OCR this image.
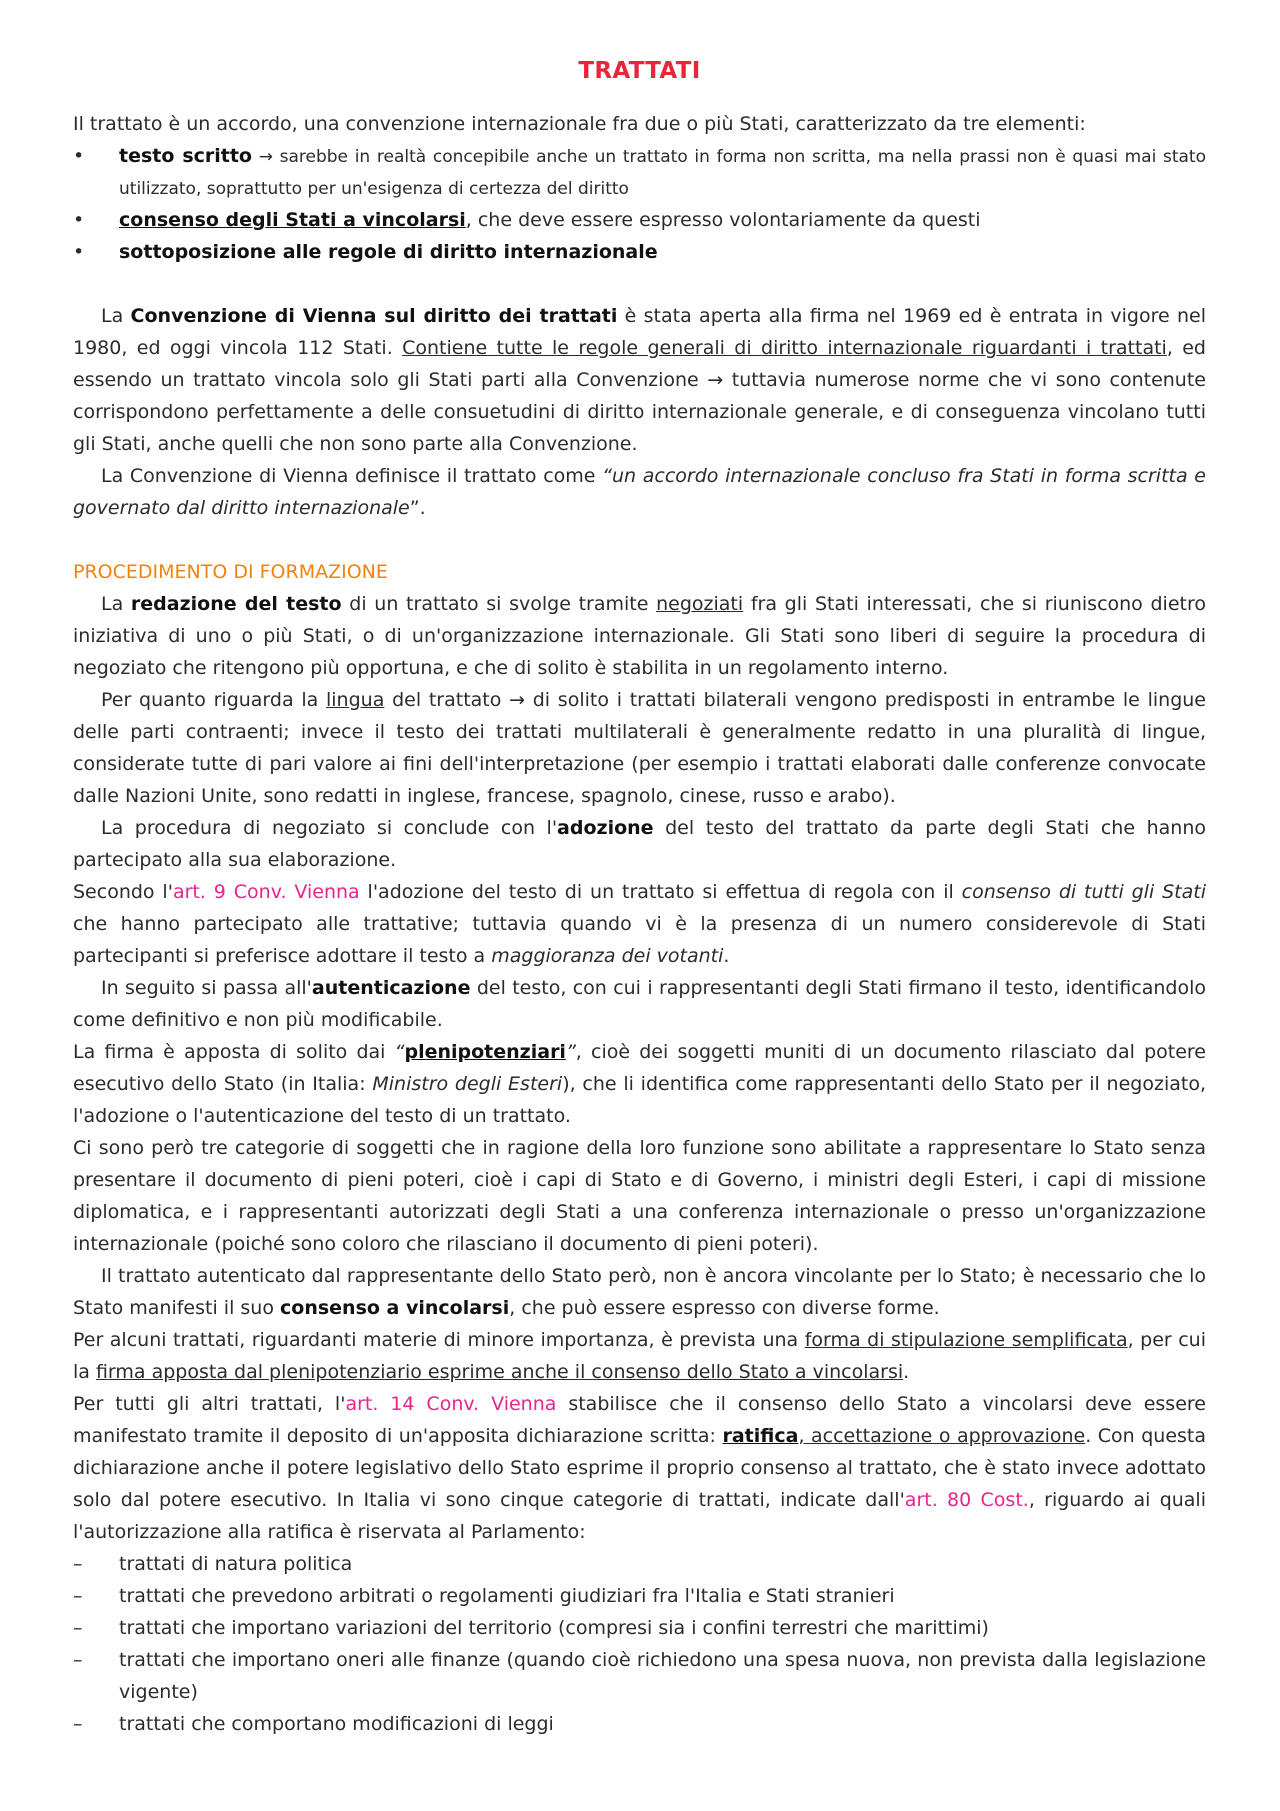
TRATTATI

Il trattato è un accordo, una convenzione internazionale fra due o più Stati, caratterizzato da tre elementi:

•	testo scritto → sarebbe in realtà concepibile anche un trattato in forma non scritta, ma nella prassi non è quasi mai stato utilizzato, soprattutto per un'esigenza di certezza del diritto
•	consenso degli Stati a vincolarsi, che deve essere espresso volontariamente da questi
•	sottoposizione alle regole di diritto internazionale

La Convenzione di Vienna sul diritto dei trattati è stata aperta alla firma nel 1969 ed è entrata in vigore nel 1980, ed oggi vincola 112 Stati. Contiene tutte le regole generali di diritto internazionale riguardanti i trattati, ed essendo un trattato vincola solo gli Stati parti alla Convenzione → tuttavia numerose norme che vi sono contenute corrispondono perfettamente a delle consuetudini di diritto internazionale generale, e di conseguenza vincolano tutti gli Stati, anche quelli che non sono parte alla Convenzione.

La Convenzione di Vienna definisce il trattato come “un accordo internazionale concluso fra Stati in forma scritta e governato dal diritto internazionale”.

PROCEDIMENTO DI FORMAZIONE

La redazione del testo di un trattato si svolge tramite negoziati fra gli Stati interessati, che si riuniscono dietro iniziativa di uno o più Stati, o di un'organizzazione internazionale. Gli Stati sono liberi di seguire la procedura di negoziato che ritengono più opportuna, e che di solito è stabilita in un regolamento interno.

Per quanto riguarda la lingua del trattato → di solito i trattati bilaterali vengono predisposti in entrambe le lingue delle parti contraenti; invece il testo dei trattati multilaterali è generalmente redatto in una pluralità di lingue, considerate tutte di pari valore ai fini dell'interpretazione (per esempio i trattati elaborati dalle conferenze convocate dalle Nazioni Unite, sono redatti in inglese, francese, spagnolo, cinese, russo e arabo).

La procedura di negoziato si conclude con l'adozione del testo del trattato da parte degli Stati che hanno partecipato alla sua elaborazione.

Secondo l'art. 9 Conv. Vienna l'adozione del testo di un trattato si effettua di regola con il consenso di tutti gli Stati che hanno partecipato alle trattative; tuttavia quando vi è la presenza di un numero considerevole di Stati partecipanti si preferisce adottare il testo a maggioranza dei votanti.

In seguito si passa all'autenticazione del testo, con cui i rappresentanti degli Stati firmano il testo, identificandolo come definitivo e non più modificabile.

La firma è apposta di solito dai “plenipotenziari”, cioè dei soggetti muniti di un documento rilasciato dal potere esecutivo dello Stato (in Italia: Ministro degli Esteri), che li identifica come rappresentanti dello Stato per il negoziato, l'adozione o l'autenticazione del testo di un trattato.

Ci sono però tre categorie di soggetti che in ragione della loro funzione sono abilitate a rappresentare lo Stato senza presentare il documento di pieni poteri, cioè i capi di Stato e di Governo, i ministri degli Esteri, i capi di missione diplomatica, e i rappresentanti autorizzati degli Stati a una conferenza internazionale o presso un'organizzazione internazionale (poiché sono coloro che rilasciano il documento di pieni poteri).

Il trattato autenticato dal rappresentante dello Stato però, non è ancora vincolante per lo Stato; è necessario che lo Stato manifesti il suo consenso a vincolarsi, che può essere espresso con diverse forme.

Per alcuni trattati, riguardanti materie di minore importanza, è prevista una forma di stipulazione semplificata, per cui la firma apposta dal plenipotenziario esprime anche il consenso dello Stato a vincolarsi.

Per tutti gli altri trattati, l'art. 14 Conv. Vienna stabilisce che il consenso dello Stato a vincolarsi deve essere manifestato tramite il deposito di un'apposita dichiarazione scritta: ratifica, accettazione o approvazione. Con questa dichiarazione anche il potere legislativo dello Stato esprime il proprio consenso al trattato, che è stato invece adottato solo dal potere esecutivo. In Italia vi sono cinque categorie di trattati, indicate dall'art. 80 Cost., riguardo ai quali l'autorizzazione alla ratifica è riservata al Parlamento:

–	trattati di natura politica
–	trattati che prevedono arbitrati o regolamenti giudiziari fra l'Italia e Stati stranieri
–	trattati che importano variazioni del territorio (compresi sia i confini terrestri che marittimi)
–	trattati che importano oneri alle finanze (quando cioè richiedono una spesa nuova, non prevista dalla legislazione vigente)
–	trattati che comportano modificazioni di leggi
